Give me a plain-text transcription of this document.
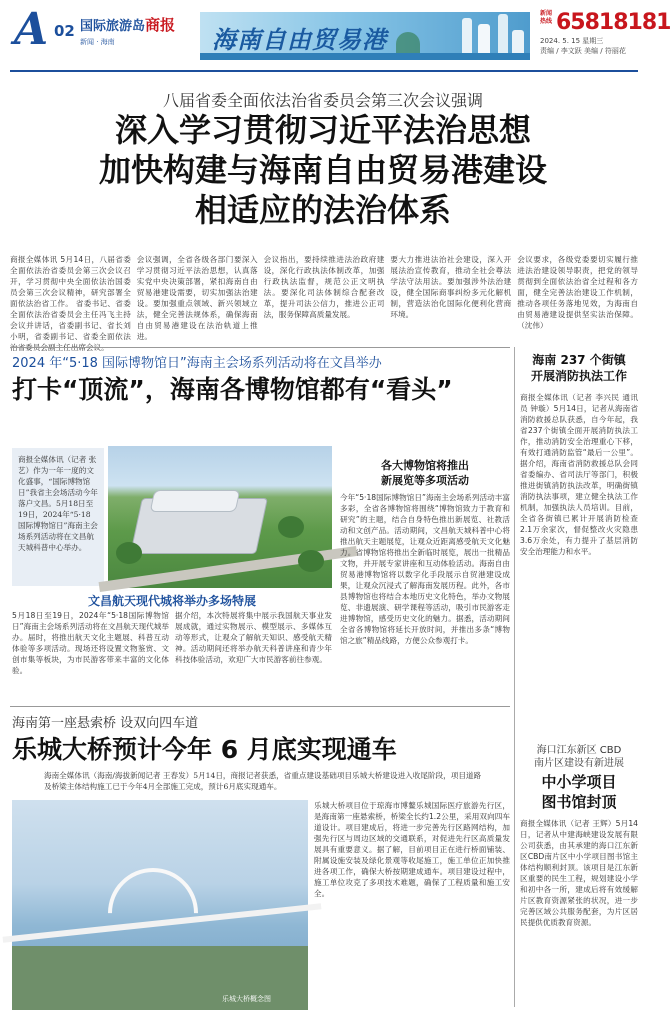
A 02 国际旅游岛商报
新闻 · 海南	海南自由贸易港
新闻热线 65818181
2024. 5. 15 星期三
责编 / 李文跃 美编 / 符丽花
八届省委全面依法治省委员会第三次会议强调
深入学习贯彻习近平法治思想
加快构建与海南自由贸易港建设
相适应的法治体系
商报全媒体讯 5月14日，八届省委全面依法治省委员会第三次会议召开，学习贯彻中央全面依法治国委员会第三次会议精神，研究部署全面依法治省工作。 省委书记、省委全面依法治省委员会主任冯飞主持会议并讲话，省委副书记、省长刘小明，省委副书记、省委全面依法
会议强调，全省各级各部门要深入学习贯彻习近平法治思想，认真落实党中央决策部署，紧扣海南自由贸易港建设需要，切实加强法治建设。要加强重点领域、新兴领域立法，健全完善法规体系，确保海南自由贸易港建设在法治轨道上推进。
会议指出，要持续推进法治政府建设，深化行政执法体制改革，加强行政执法监督，规范公正文明执法。要深化司法体制综合配套改革，提升司法公信力，推进公正司法，服务保障高质量发展。
要大力推进法治社会建设，深入开展法治宣传教育，推动全社会尊法学法守法用法。要加强涉外法治建设，健全国际商事纠纷多元化解机制，营造法治化国际化便利化营商环境。
会议要求，各级党委要切实履行推进法治建设领导职责，把党的领导贯彻到全面依法治省全过程和各方面，健全完善法治建设工作机制，推动各项任务落地见效，为海南自由贸易港建设提供坚实法治保障。 （沈伟）
2024 年“5·18 国际博物馆日”海南主会场系列活动将在文昌举办
打卡“顶流”，海南各博物馆都有“看头”
商报全媒体讯（记者 张艺）作为一年一度的文化盛事，“国际博物馆日”我省主会场活动今年落户文昌。5月18日至19日，2024年“5·18国际博物馆日”海南主会场系列活动将在文昌航天城科普中心举办。
各大博物馆将推出
新展览等多项活动
今年“5·18国际博物馆日”海南主会场系列活动丰富多彩，全省各博物馆将围绕“博物馆致力于教育和研究”的主题，结合自身特色推出新展览、社教活动和文创产品。活动期间，文昌航天城科普中心将推出航天主题展览，让观众近距离感受航天文化魅力。省博物馆将推出全新临时展览，展出一批精品文物，并开展专家讲座和互动体验活动。海南自由贸易港博物馆将以数字化手段展示自贸港建设成果，让观众沉浸式了解海南发展历程。此外，各市县博物馆也将结合本地历史文化特色，举办文物展览、非遗展演、研学课程等活动，吸引市民游客走进博物馆，感受历史文化的魅力。据悉，活动期间全省各博物馆将延长开放时间，并推出多条“博物馆之旅”精品线路，方便公众参观打卡。
文昌航天现代城将举办多场特展
5月18日至19日，2024年“5·18国际博物馆日”海南主会场系列活动将在文昌航天现代城举办。届时，将推出航天文化主题展、科普互动体验等多项活动。现场还将设置文物鉴赏、文创市集等板块，为市民游客带来丰富的文化体验。
据介绍，本次特展将集中展示我国航天事业发展成就，通过实物展示、模型展示、多媒体互动等形式，让观众了解航天知识、感受航天精神。活动期间还将举办航天科普讲座和青少年科技体验活动，欢迎广大市民游客前往参观。
海南 237 个街镇
开展消防执法工作
商报全媒体讯（记者 李兴民 通讯员 钟璇）5月14日，记者从海南省消防救援总队获悉，自今年起，我省237个街镇全面开展消防执法工作，推动消防安全治理重心下移，有效打通消防监管“最后一公里”。据介绍，海南省消防救援总队会同省委编办、省司法厅等部门，积极推进街镇消防执法改革，明确街镇消防执法事项，建立健全执法工作机制，加强执法人员培训。目前，全省各街镇已累计开展消防检查2.1万余家次，督促整改火灾隐患3.6万余处，有力提升了基层消防安全治理能力和水平。
海口江东新区 CBD
南片区建设有新进展
中小学项目
图书馆封顶
商报全媒体讯（记者 王辉）5月14日，记者从中建海峡建设发展有限公司获悉，由其承建的海口江东新区CBD南片区中小学项目图书馆主体结构顺利封顶。该项目是江东新区重要的民生工程，规划建设小学和初中各一所，建成后将有效缓解片区教育资源紧张的状况，进一步完善区域公共服务配套，为片区居民提供优质教育资源。
海南第一座悬索桥 设双向四车道
乐城大桥预计今年 6 月底实现通车
海南全媒体讯（海南/海拔新闻记者 王春发）5月14日，商报记者获悉，省重点建设基础项目乐城大桥建设进入收尾阶段，项目道路及桥梁主体结构施工已于今年4月全部施工完成，预计6月底实现通车。
乐城大桥概念图
乐城大桥项目位于琼海市博鳌乐城国际医疗旅游先行区，是海南第一座悬索桥，桥梁全长约1.2公里，采用双向四车道设计。项目建成后，将进一步完善先行区路网结构，加强先行区与周边区域的交通联系，对促进先行区高质量发展具有重要意义。据了解，目前项目正在进行桥面铺装、附属设施安装及绿化景观等收尾施工，施工单位正加快推进各项工作，确保大桥按期建成通车。项目建设过程中，施工单位攻克了多项技术难题，确保了工程质量和施工安全。
